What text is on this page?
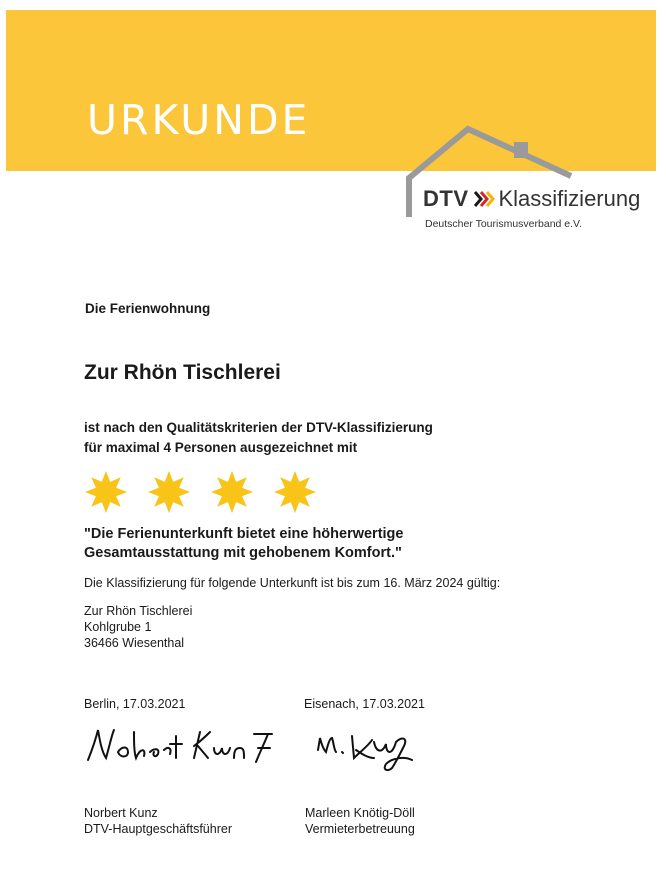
URKUNDE
DTV Klassifizierung
Deutscher Tourismusverband e.V.
Die Ferienwohnung
Zur Rhön Tischlerei
ist nach den Qualitätskriterien der DTV-Klassifizierung
für maximal 4 Personen ausgezeichnet mit
"Die Ferienunterkunft bietet eine höherwertige
Gesamtausstattung mit gehobenem Komfort."
Die Klassifizierung für folgende Unterkunft ist bis zum 16. März 2024 gültig:
Zur Rhön Tischlerei
Kohlgrube 1
36466 Wiesenthal
Berlin, 17.03.2021	Eisenach, 17.03.2021
Norbert Kunz
DTV-Hauptgeschäftsführer
Marleen Knötig-Döll
Vermieterbetreuung
